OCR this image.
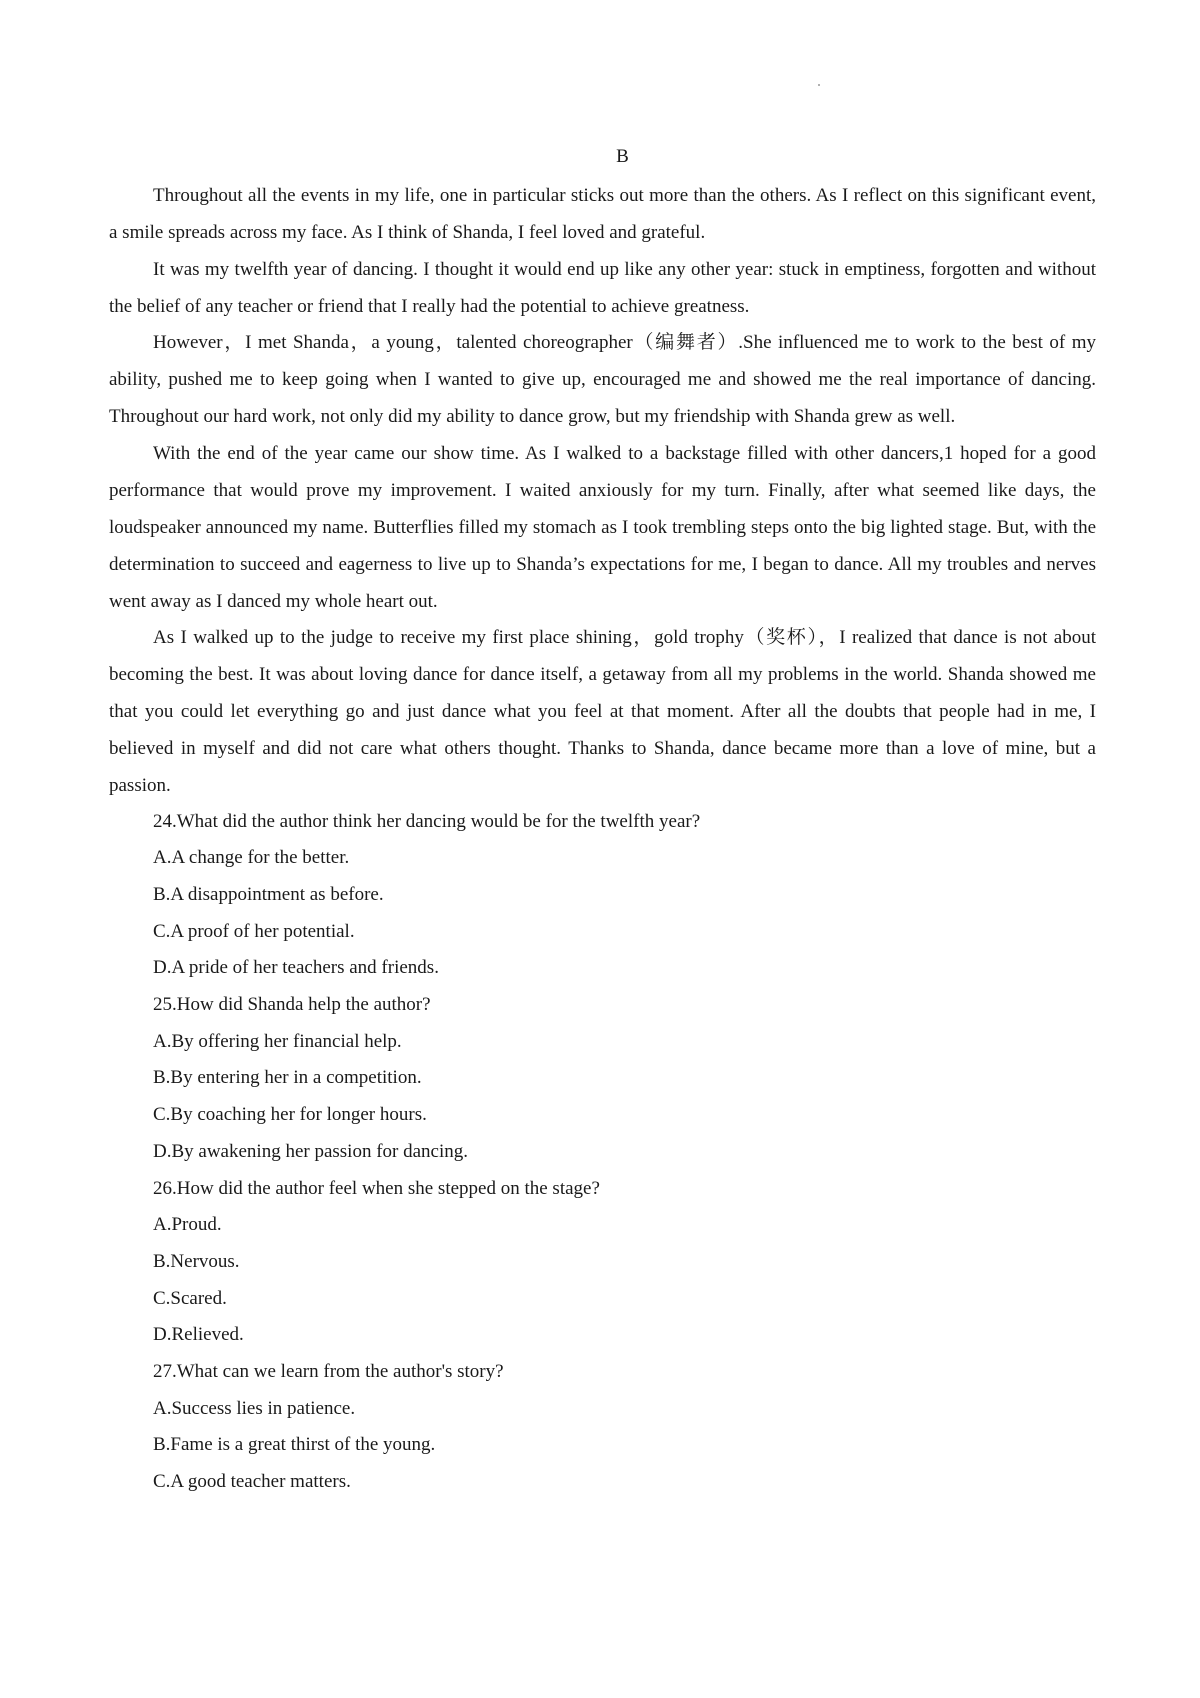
B

Throughout all the events in my life, one in particular sticks out more than the others. As I reflect on this significant event, a smile spreads across my face. As I think of Shanda, I feel loved and grateful.

It was my twelfth year of dancing. I thought it would end up like any other year: stuck in emptiness, forgotten and without the belief of any teacher or friend that I really had the potential to achieve greatness.

However，I met Shanda，a young，talented choreographer（编舞者）.She influenced me to work to the best of my ability, pushed me to keep going when I wanted to give up, encouraged me and showed me the real importance of dancing. Throughout our hard work, not only did my ability to dance grow, but my friendship with Shanda grew as well.

With the end of the year came our show time. As I walked to a backstage filled with other dancers,1 hoped for a good performance that would prove my improvement. I waited anxiously for my turn. Finally, after what seemed like days, the loudspeaker announced my name. Butterflies filled my stomach as I took trembling steps onto the big lighted stage. But, with the determination to succeed and eagerness to live up to Shanda’s expectations for me, I began to dance. All my troubles and nerves went away as I danced my whole heart out.

As I walked up to the judge to receive my first place shining，gold trophy（奖杯），I realized that dance is not about becoming the best. It was about loving dance for dance itself, a getaway from all my problems in the world. Shanda showed me that you could let everything go and just dance what you feel at that moment. After all the doubts that people had in me, I believed in myself and did not care what others thought. Thanks to Shanda, dance became more than a love of mine, but a passion.

24.What did the author think her dancing would be for the twelfth year?
A.A change for the better.
B.A disappointment as before.
C.A proof of her potential.
D.A pride of her teachers and friends.
25.How did Shanda help the author?
A.By offering her financial help.
B.By entering her in a competition.
C.By coaching her for longer hours.
D.By awakening her passion for dancing.
26.How did the author feel when she stepped on the stage?
A.Proud.
B.Nervous.
C.Scared.
D.Relieved.
27.What can we learn from the author's story?
A.Success lies in patience.
B.Fame is a great thirst of the young.
C.A good teacher matters.
